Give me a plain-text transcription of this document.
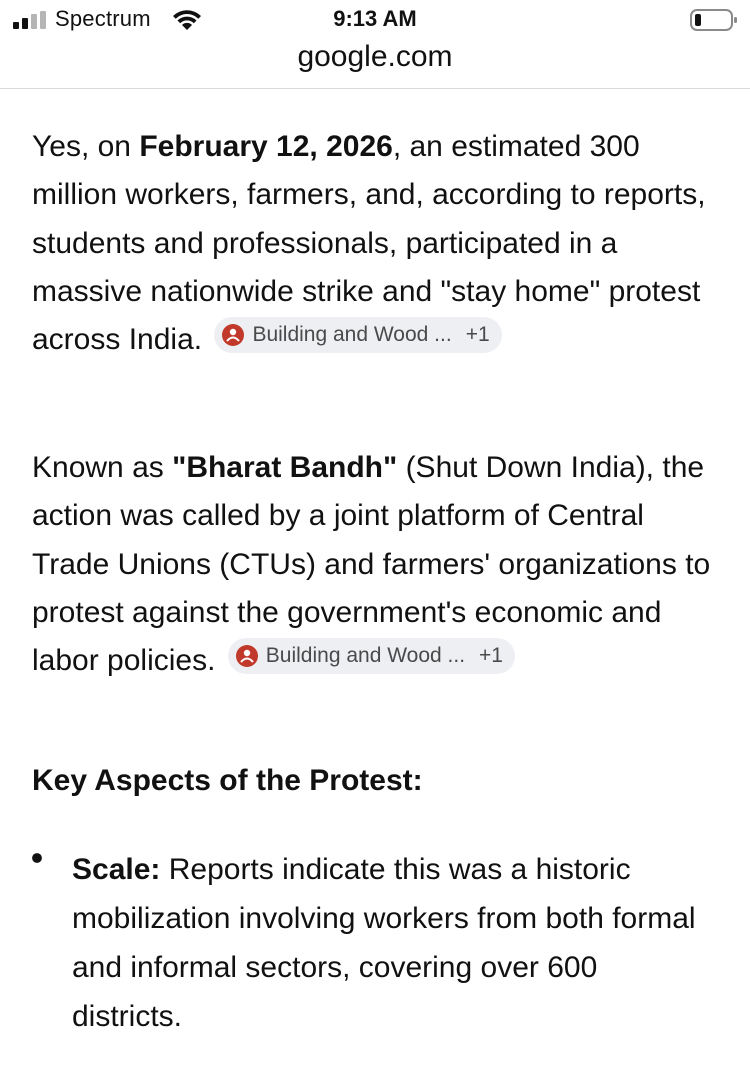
Spectrum	9:13 AM
google.com

Yes, on February 12, 2026, an estimated 300 million workers, farmers, and, according to reports, students and professionals, participated in a massive nationwide strike and "stay home" protest across India. Building and Wood ... +1

Known as "Bharat Bandh" (Shut Down India), the action was called by a joint platform of Central Trade Unions (CTUs) and farmers' organizations to protest against the government's economic and labor policies. Building and Wood ... +1

Key Aspects of the Protest:

Scale: Reports indicate this was a historic mobilization involving workers from both formal and informal sectors, covering over 600 districts.
